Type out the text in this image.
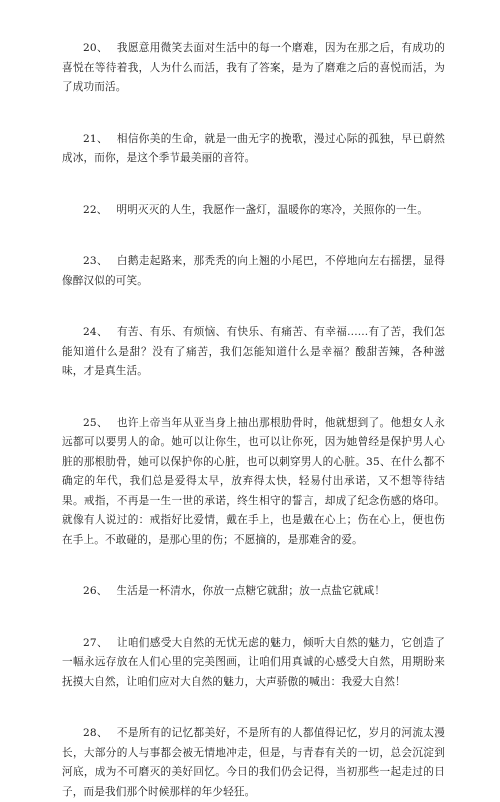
20、 我愿意用微笑去面对生活中的每一个磨难，因为在那之后，有成功的喜悦在等待着我，人为什么而活，我有了答案，是为了磨难之后的喜悦而活，为了成功而活。
21、 相信你美的生命，就是一曲无字的挽歌，漫过心际的孤独，早已蔚然成冰，而你，是这个季节最美丽的音符。
22、 明明灭灭的人生，我愿作一盏灯，温暖你的寒冷，关照你的一生。
23、 白鹅走起路来，那秃秃的向上翘的小尾巴，不停地向左右摇摆，显得像醉汉似的可笑。
24、 有苦、有乐、有烦恼、有快乐、有痛苦、有幸福......有了苦，我们怎能知道什么是甜？没有了痛苦，我们怎能知道什么是幸福？酸甜苦辣，各种滋味，才是真生活。
25、 也许上帝当年从亚当身上抽出那根肋骨时，他就想到了。他想女人永远都可以要男人的命。她可以让你生，也可以让你死，因为她曾经是保护男人心脏的那根肋骨，她可以保护你的心脏，也可以刺穿男人的心脏。35、在什么都不确定的年代，我们总是爱得太早，放弃得太快，轻易付出承诺，又不想等待结果。戒指，不再是一生一世的承诺，终生相守的誓言，却成了纪念伤感的烙印。就像有人说过的：戒指好比爱情，戴在手上，也是戴在心上；伤在心上，便也伤在手上。不敢碰的，是那心里的伤；不愿摘的，是那难舍的爱。
26、 生活是一杯清水，你放一点糖它就甜；放一点盐它就咸！
27、 让咱们感受大自然的无忧无虑的魅力，倾听大自然的魅力，它创造了一幅永远存放在人们心里的完美图画，让咱们用真诚的心感受大自然，用期盼来抚摸大自然，让咱们应对大自然的魅力，大声骄傲的喊出：我爱大自然！
28、 不是所有的记忆都美好，不是所有的人都值得记忆，岁月的河流太漫长，大部分的人与事都会被无情地冲走，但是，与青春有关的一切，总会沉淀到河底，成为不可磨灭的美好回忆。今日的我们仍会记得，当初那些一起走过的日子，而是我们那个时候那样的年少轻狂。
